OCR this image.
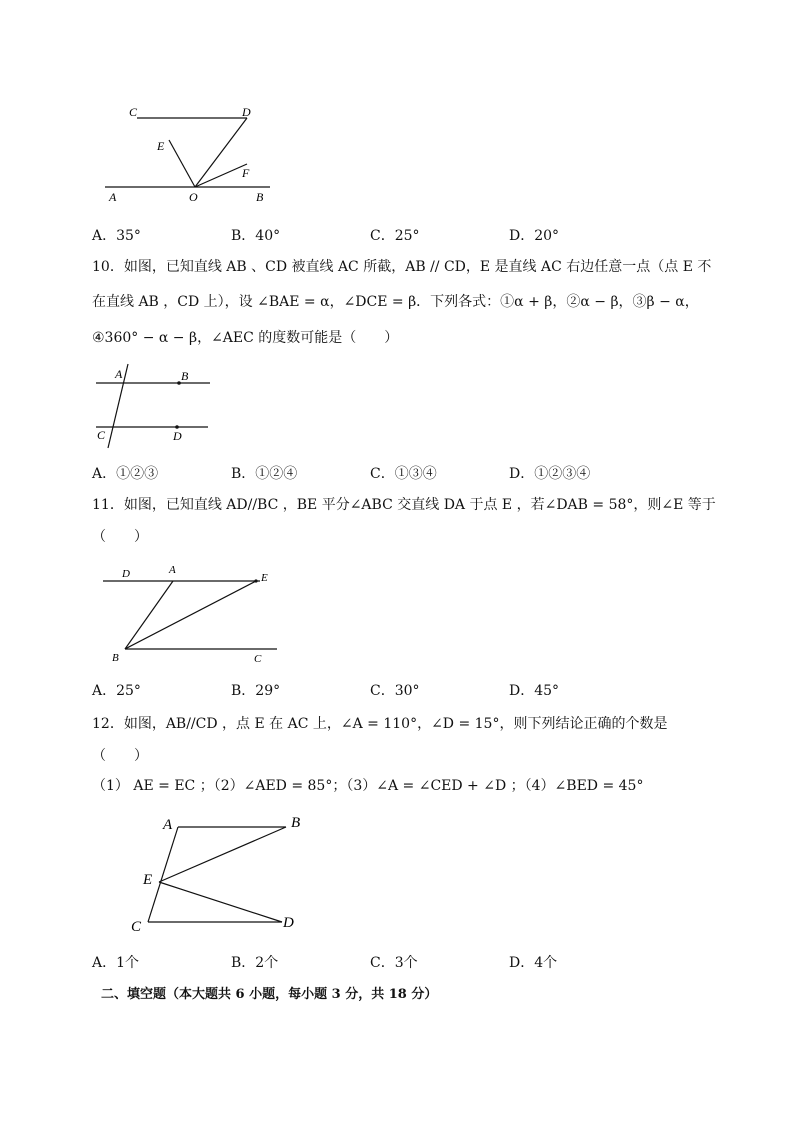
C	D
E
F
A	O	B
A．35°	B．40°	C．25°	D．20°
10．如图，已知直线 AB 、CD 被直线 AC 所截，AB // CD，E 是直线 AC 右边任意一点（点 E 不
在直线 AB ，CD 上），设 ∠BAE = α，∠DCE = β．下列各式：①α + β，②α − β，③β − α，
④360° − α − β，∠AEC 的度数可能是（　　）
A	B
C	D
A．①②③	B．①②④	C．①③④	D．①②③④
11．如图，已知直线 AD//BC ，BE 平分∠ABC 交直线 DA 于点 E ，若∠DAB = 58°，则∠E 等于
（　　）
D	A
E
B	C
A．25°	B．29°	C．30°	D．45°
12．如图，AB//CD ，点 E 在 AC 上，∠A = 110°，∠D = 15°，则下列结论正确的个数是
（　　）
（1） AE = EC ；（2）∠AED = 85°；（3）∠A = ∠CED + ∠D ；（4）∠BED = 45°
A	B
E
C	D
A．1个	B．2个	C．3个	D．4个
二、填空题（本大题共 6 小题，每小题 3 分，共 18 分）
